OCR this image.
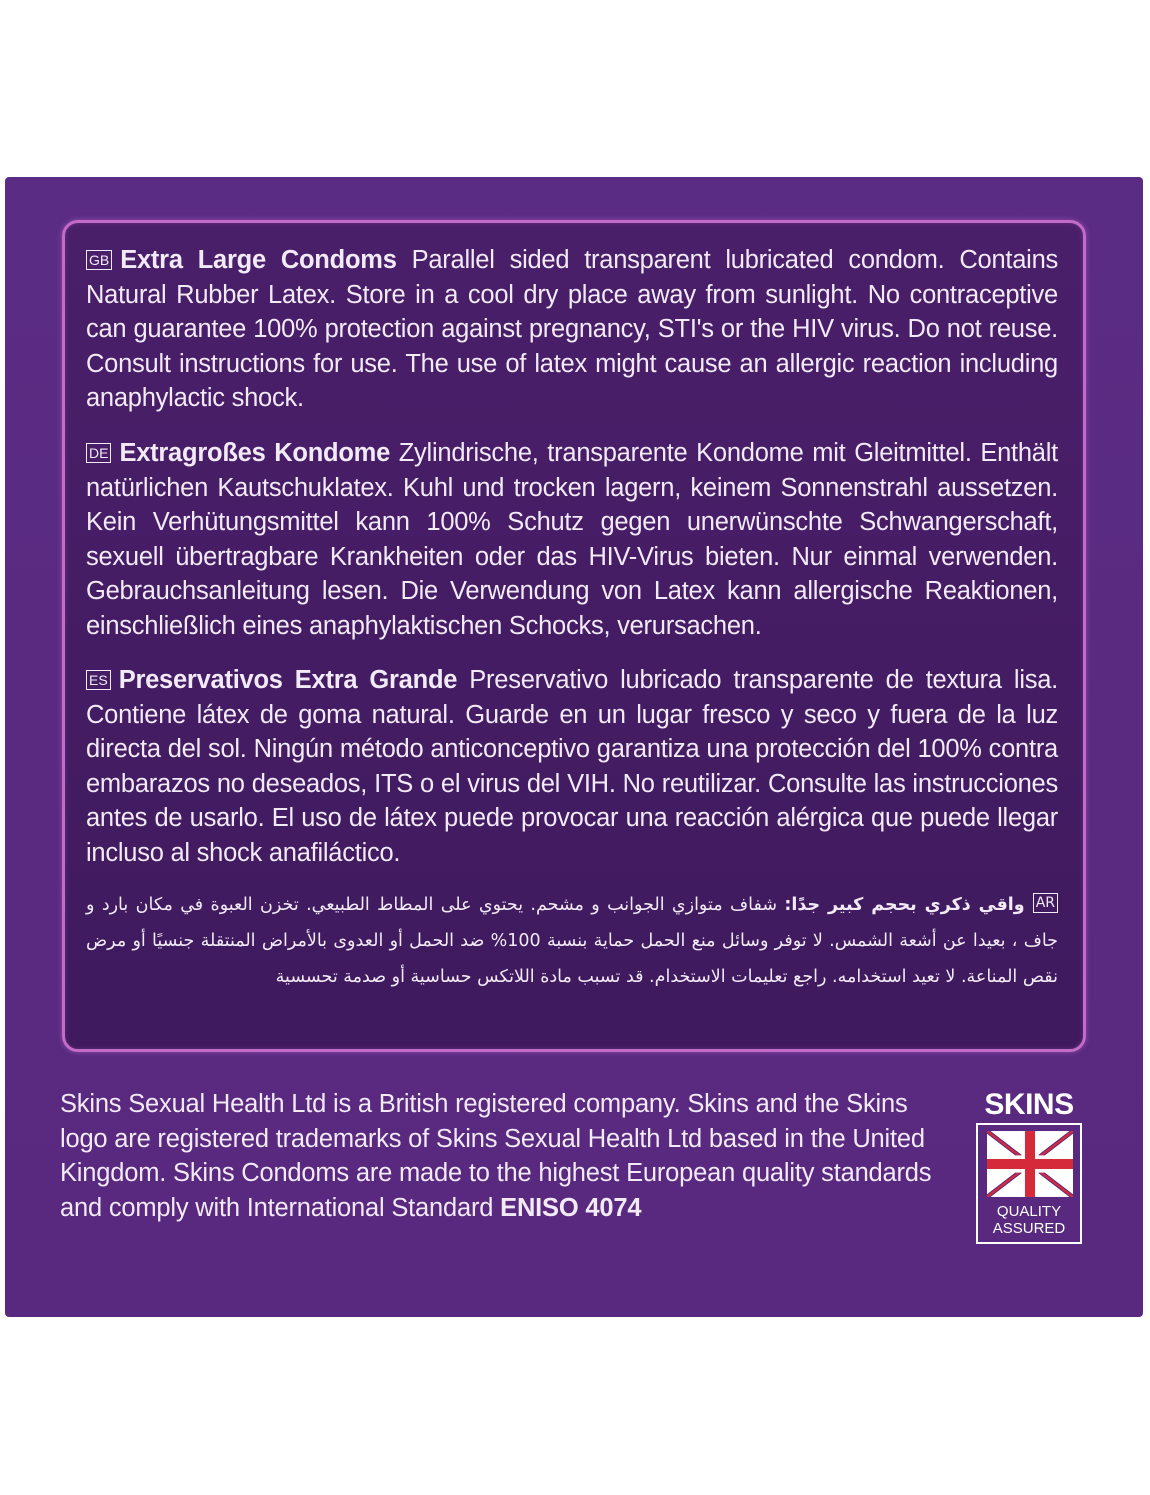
GB Extra Large Condoms Parallel sided transparent lubricated condom. Contains Natural Rubber Latex. Store in a cool dry place away from sunlight. No contraceptive can guarantee 100% protection against pregnancy, STI's or the HIV virus. Do not reuse. Consult instructions for use. The use of latex might cause an allergic reaction including anaphylactic shock.

DE Extragroßes Kondome Zylindrische, transparente Kondome mit Gleitmittel. Enthält natürlichen Kautschuklatex. Kuhl und trocken lagern, keinem Sonnenstrahl aussetzen. Kein Verhütungsmittel kann 100% Schutz gegen unerwünschte Schwangerschaft, sexuell übertragbare Krankheiten oder das HIV-Virus bieten. Nur einmal verwenden. Gebrauchsanleitung lesen. Die Verwendung von Latex kann allergische Reaktionen, einschließlich eines anaphylaktischen Schocks, verursachen.

ES Preservativos Extra Grande Preservativo lubricado transparente de textura lisa. Contiene látex de goma natural. Guarde en un lugar fresco y seco y fuera de la luz directa del sol. Ningún método anticonceptivo garantiza una protección del 100% contra embarazos no deseados, ITS o el virus del VIH. No reutilizar. Consulte las instrucciones antes de usarlo. El uso de látex puede provocar una reacción alérgica que puede llegar incluso al shock anafiláctico.

ARواقي ذكري بحجم كبير جدًا: شفاف متوازي الجوانب و مشحم. يحتوي على المطاط الطبيعي. تخزن العبوة في مكان بارد و جاف ، بعيدا عن أشعة الشمس. لا توفر وسائل منع الحمل حماية بنسبة 100% ضد الحمل أو العدوى بالأمراض المنتقلة جنسيًا أو مرض نقص المناعة. لا تعيد استخدامه. راجع تعليمات الاستخدام. قد تسبب مادة اللاتكس حساسية أو صدمة تحسسية

Skins Sexual Health Ltd is a British registered company. Skins and the Skins logo are registered trademarks of Skins Sexual Health Ltd based in the United Kingdom. Skins Condoms are made to the highest European quality standards and comply with International Standard ENISO 4074

SKINS
QUALITY
ASSURED
